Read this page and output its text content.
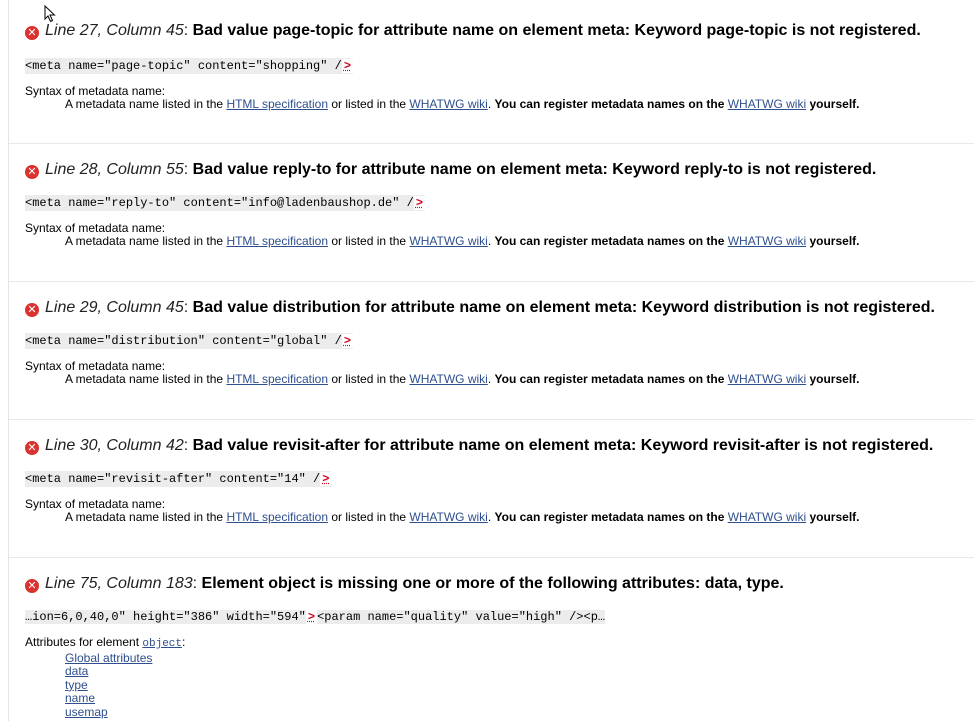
✕ Line 27, Column 45: Bad value page-topic for attribute name on element meta: Keyword page-topic is not registered.
<meta name="page-topic" content="shopping" / >
Syntax of metadata name:
A metadata name listed in the HTML specification or listed in the WHATWG wiki. You can register metadata names on the WHATWG wiki yourself.
✕ Line 28, Column 55: Bad value reply-to for attribute name on element meta: Keyword reply-to is not registered.
<meta name="reply-to" content="info@ladenbaushop.de" / >
Syntax of metadata name:
A metadata name listed in the HTML specification or listed in the WHATWG wiki. You can register metadata names on the WHATWG wiki yourself.
✕ Line 29, Column 45: Bad value distribution for attribute name on element meta: Keyword distribution is not registered.
<meta name="distribution" content="global" / >
Syntax of metadata name:
A metadata name listed in the HTML specification or listed in the WHATWG wiki. You can register metadata names on the WHATWG wiki yourself.
✕ Line 30, Column 42: Bad value revisit-after for attribute name on element meta: Keyword revisit-after is not registered.
<meta name="revisit-after" content="14" / >
Syntax of metadata name:
A metadata name listed in the HTML specification or listed in the WHATWG wiki. You can register metadata names on the WHATWG wiki yourself.
✕ Line 75, Column 183: Element object is missing one or more of the following attributes: data, type.
…ion=6,0,40,0" height="386" width="594" > <param name="quality" value="high" /><p…
Attributes for element object:
Global attributes
data
type
name
usemap
